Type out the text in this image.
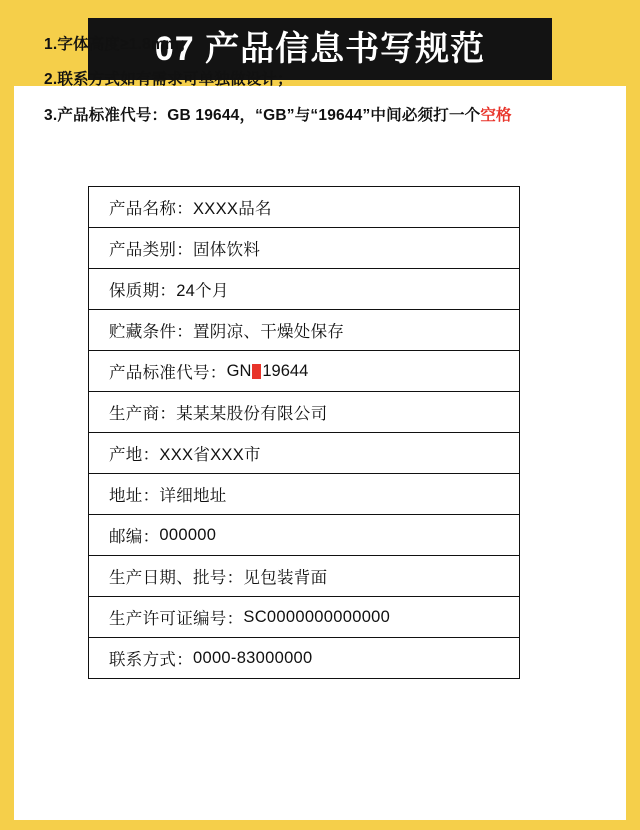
07 产品信息书写规范
1.字体高度≥1.8mm；
2.联系方式如有需求可单独做设计；
3.产品标准代号：GB 19644，“GB”与“19644”中间必须打一个空格
产品名称： XXXX品名
产品类别： 固体饮料
保质期： 24个月
贮藏条件： 置阴凉、干燥处保存
产品标准代号： GN 19644
生产商： 某某某股份有限公司
产地： XXX省XXX市
地址： 详细地址
邮编： 000000
生产日期、批号： 见包装背面
生产许可证编号： SC0000000000000
联系方式： 0000-83000000
